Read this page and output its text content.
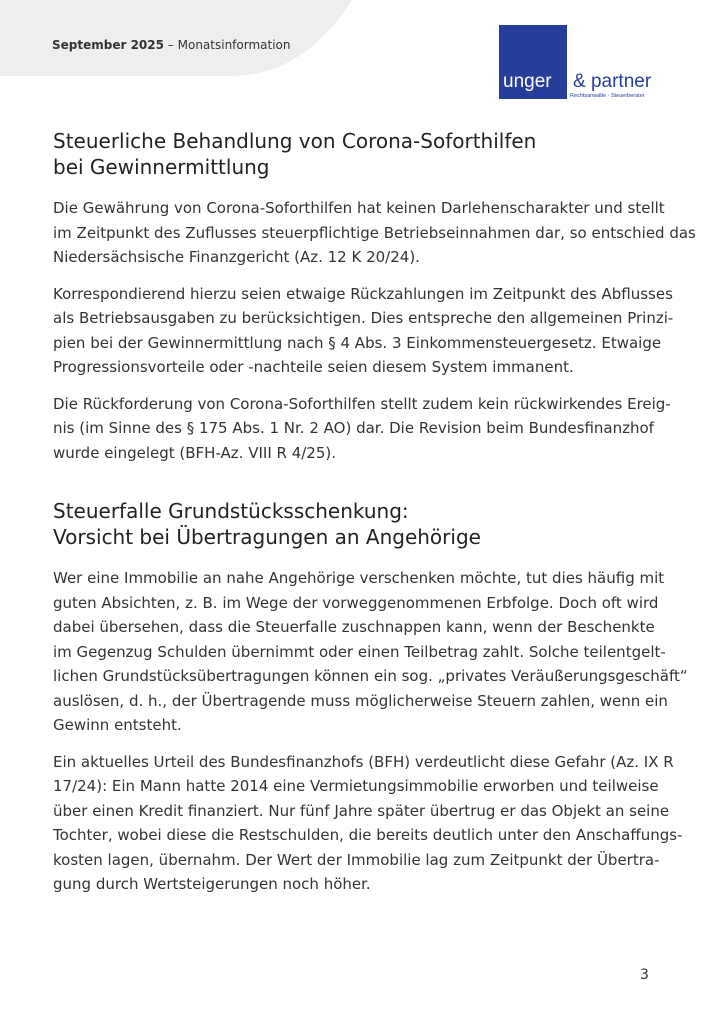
September 2025 – Monatsinformation
unger & partner
Rechtsanwälte · Steuerberater
Steuerliche Behandlung von Corona-Soforthilfen
bei Gewinnermittlung

Die Gewährung von Corona-Soforthilfen hat keinen Darlehenscharakter und stellt
im Zeitpunkt des Zuflusses steuerpflichtige Betriebseinnahmen dar, so entschied das
Niedersächsische Finanzgericht (Az. 12 K 20/24).

Korrespondierend hierzu seien etwaige Rückzahlungen im Zeitpunkt des Abflusses
als Betriebsausgaben zu berücksichtigen. Dies entspreche den allgemeinen Prinzi-
pien bei der Gewinnermittlung nach § 4 Abs. 3 Einkommensteuergesetz. Etwaige
Progressionsvorteile oder -nachteile seien diesem System immanent.

Die Rückforderung von Corona-Soforthilfen stellt zudem kein rückwirkendes Ereig-
nis (im Sinne des § 175 Abs. 1 Nr. 2 AO) dar. Die Revision beim Bundesfinanzhof
wurde eingelegt (BFH-Az. VIII R 4/25).

Steuerfalle Grundstücksschenkung:
Vorsicht bei Übertragungen an Angehörige

Wer eine Immobilie an nahe Angehörige verschenken möchte, tut dies häufig mit
guten Absichten, z. B. im Wege der vorweggenommenen Erbfolge. Doch oft wird
dabei übersehen, dass die Steuerfalle zuschnappen kann, wenn der Beschenkte
im Gegenzug Schulden übernimmt oder einen Teilbetrag zahlt. Solche teilentgelt-
lichen Grundstücksübertragungen können ein sog. „privates Veräußerungsgeschäft“
auslösen, d. h., der Übertragende muss möglicherweise Steuern zahlen, wenn ein
Gewinn entsteht.

Ein aktuelles Urteil des Bundesfinanzhofs (BFH) verdeutlicht diese Gefahr (Az. IX R
17/24): Ein Mann hatte 2014 eine Vermietungsimmobilie erworben und teilweise
über einen Kredit finanziert. Nur fünf Jahre später übertrug er das Objekt an seine
Tochter, wobei diese die Restschulden, die bereits deutlich unter den Anschaffungs-
kosten lagen, übernahm. Der Wert der Immobilie lag zum Zeitpunkt der Übertra-
gung durch Wertsteigerungen noch höher.

3
